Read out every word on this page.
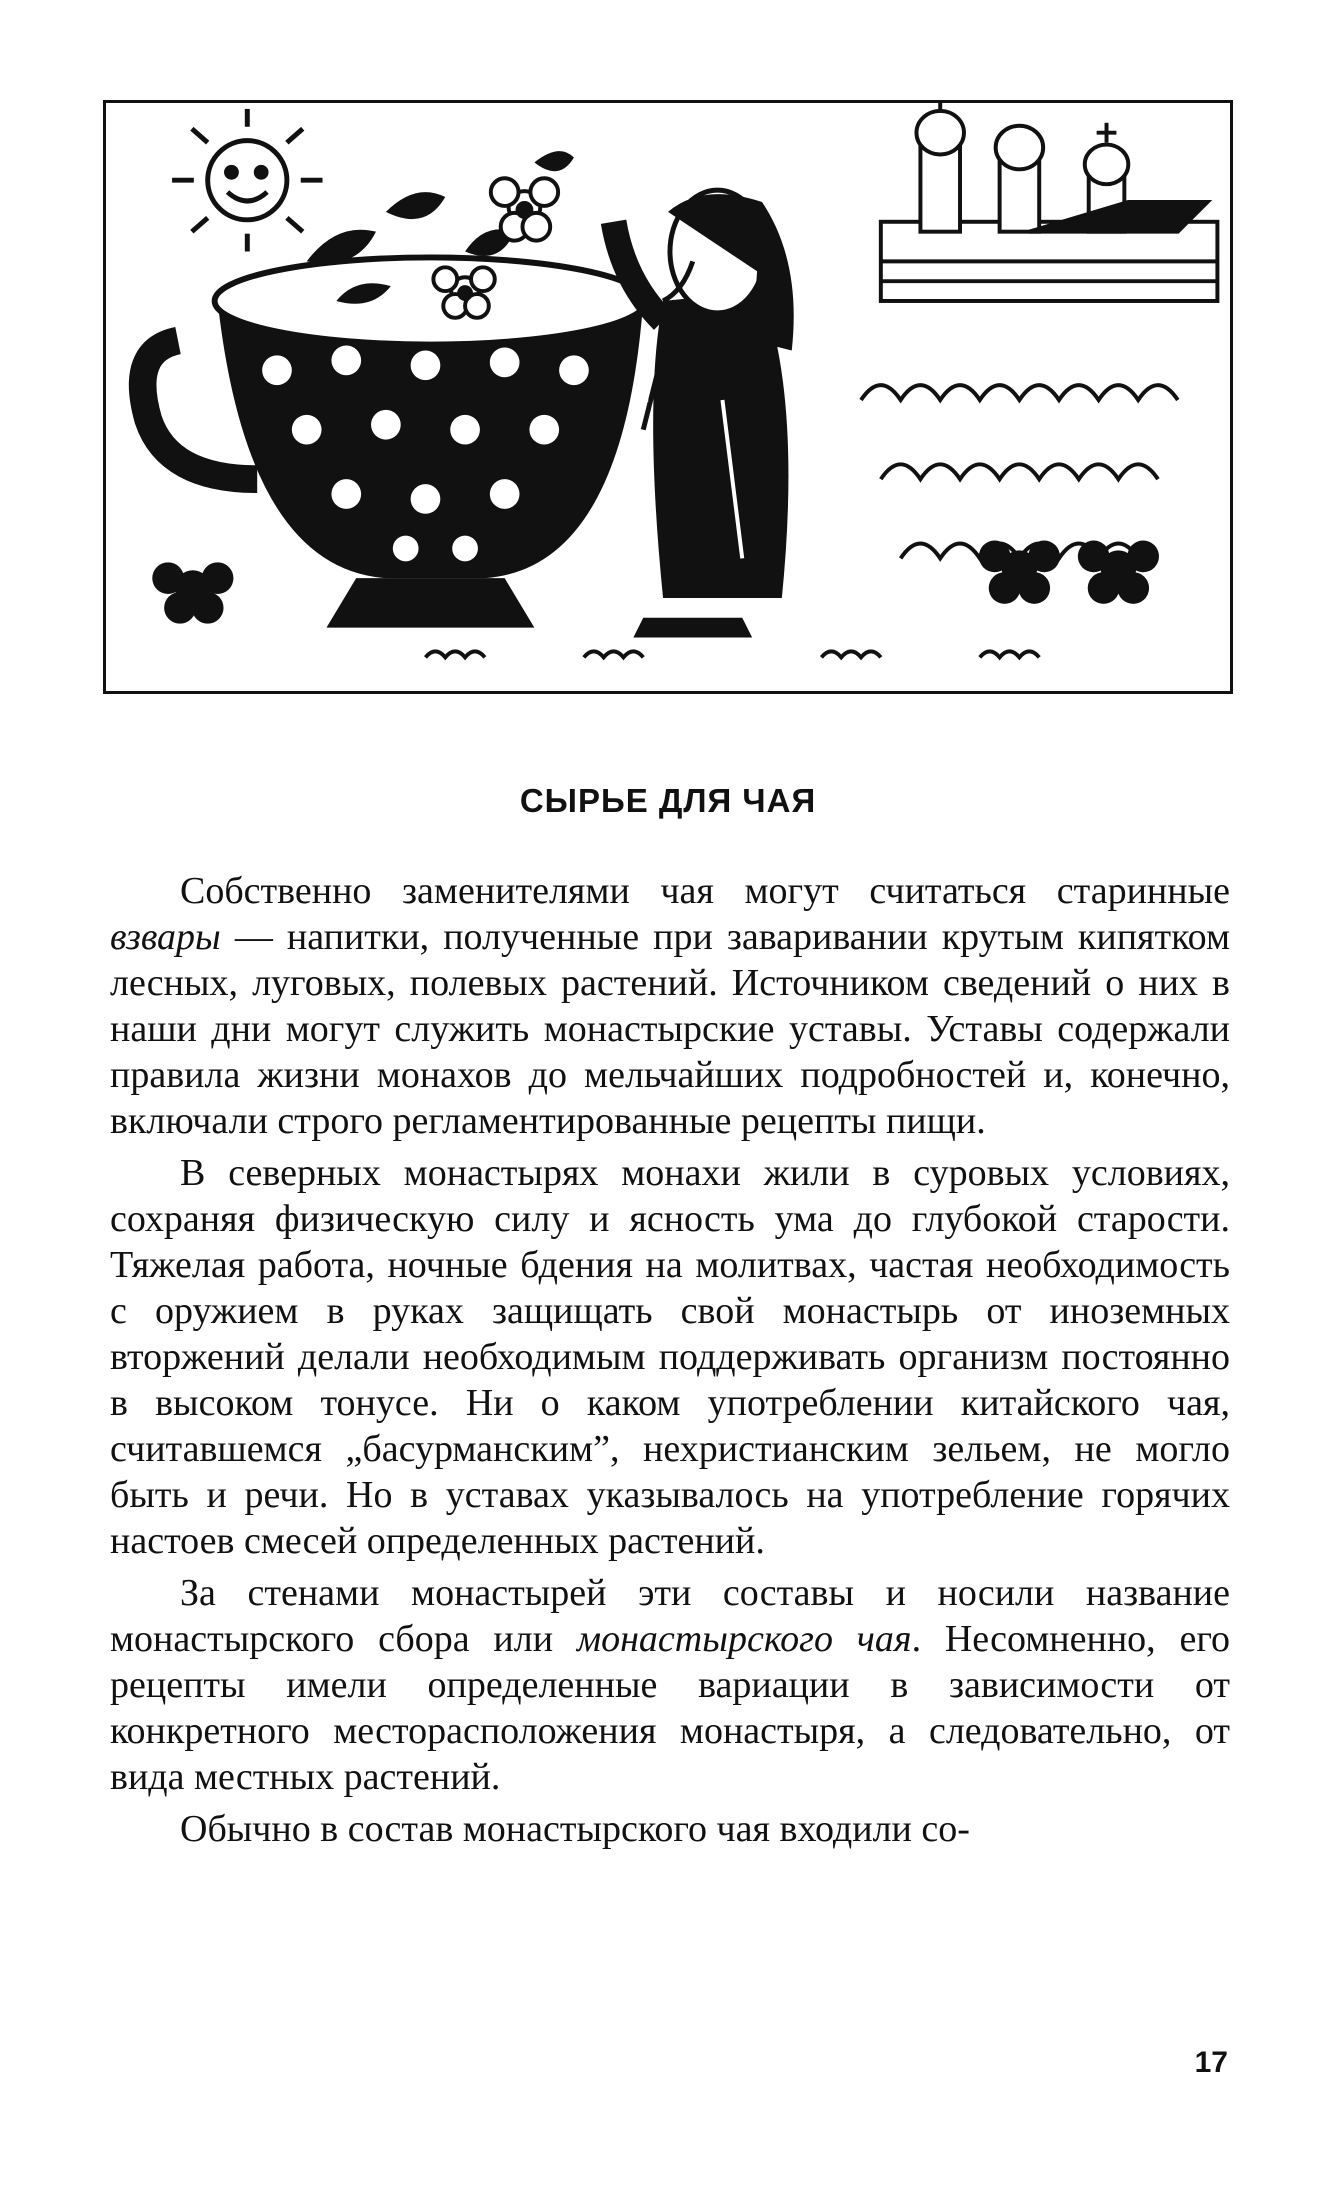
СЫРЬЕ ДЛЯ ЧАЯ

Собственно заменителями чая могут считаться старинные взвары — напитки, полученные при заваривании крутым кипятком лесных, луговых, полевых растений. Источником сведений о них в наши дни могут служить монастырские уставы. Уставы содержали правила жизни монахов до мельчайших подробностей и, конечно, включали строго регламентированные рецепты пищи.

В северных монастырях монахи жили в суровых условиях, сохраняя физическую силу и ясность ума до глубокой старости. Тяжелая работа, ночные бдения на молитвах, частая необходимость с оружием в руках защищать свой монастырь от иноземных вторжений делали необходимым поддерживать организм постоянно в высоком тонусе. Ни о каком употреблении китайского чая, считавшемся „басурманским”, нехристианским зельем, не могло быть и речи. Но в уставах указывалось на употребление горячих настоев смесей определенных растений.

За стенами монастырей эти составы и носили название монастырского сбора или монастырского чая. Несомненно, его рецепты имели определенные вариации в зависимости от конкретного месторасположения монастыря, а следовательно, от вида местных растений.

Обычно в состав монастырского чая входили со-

17
